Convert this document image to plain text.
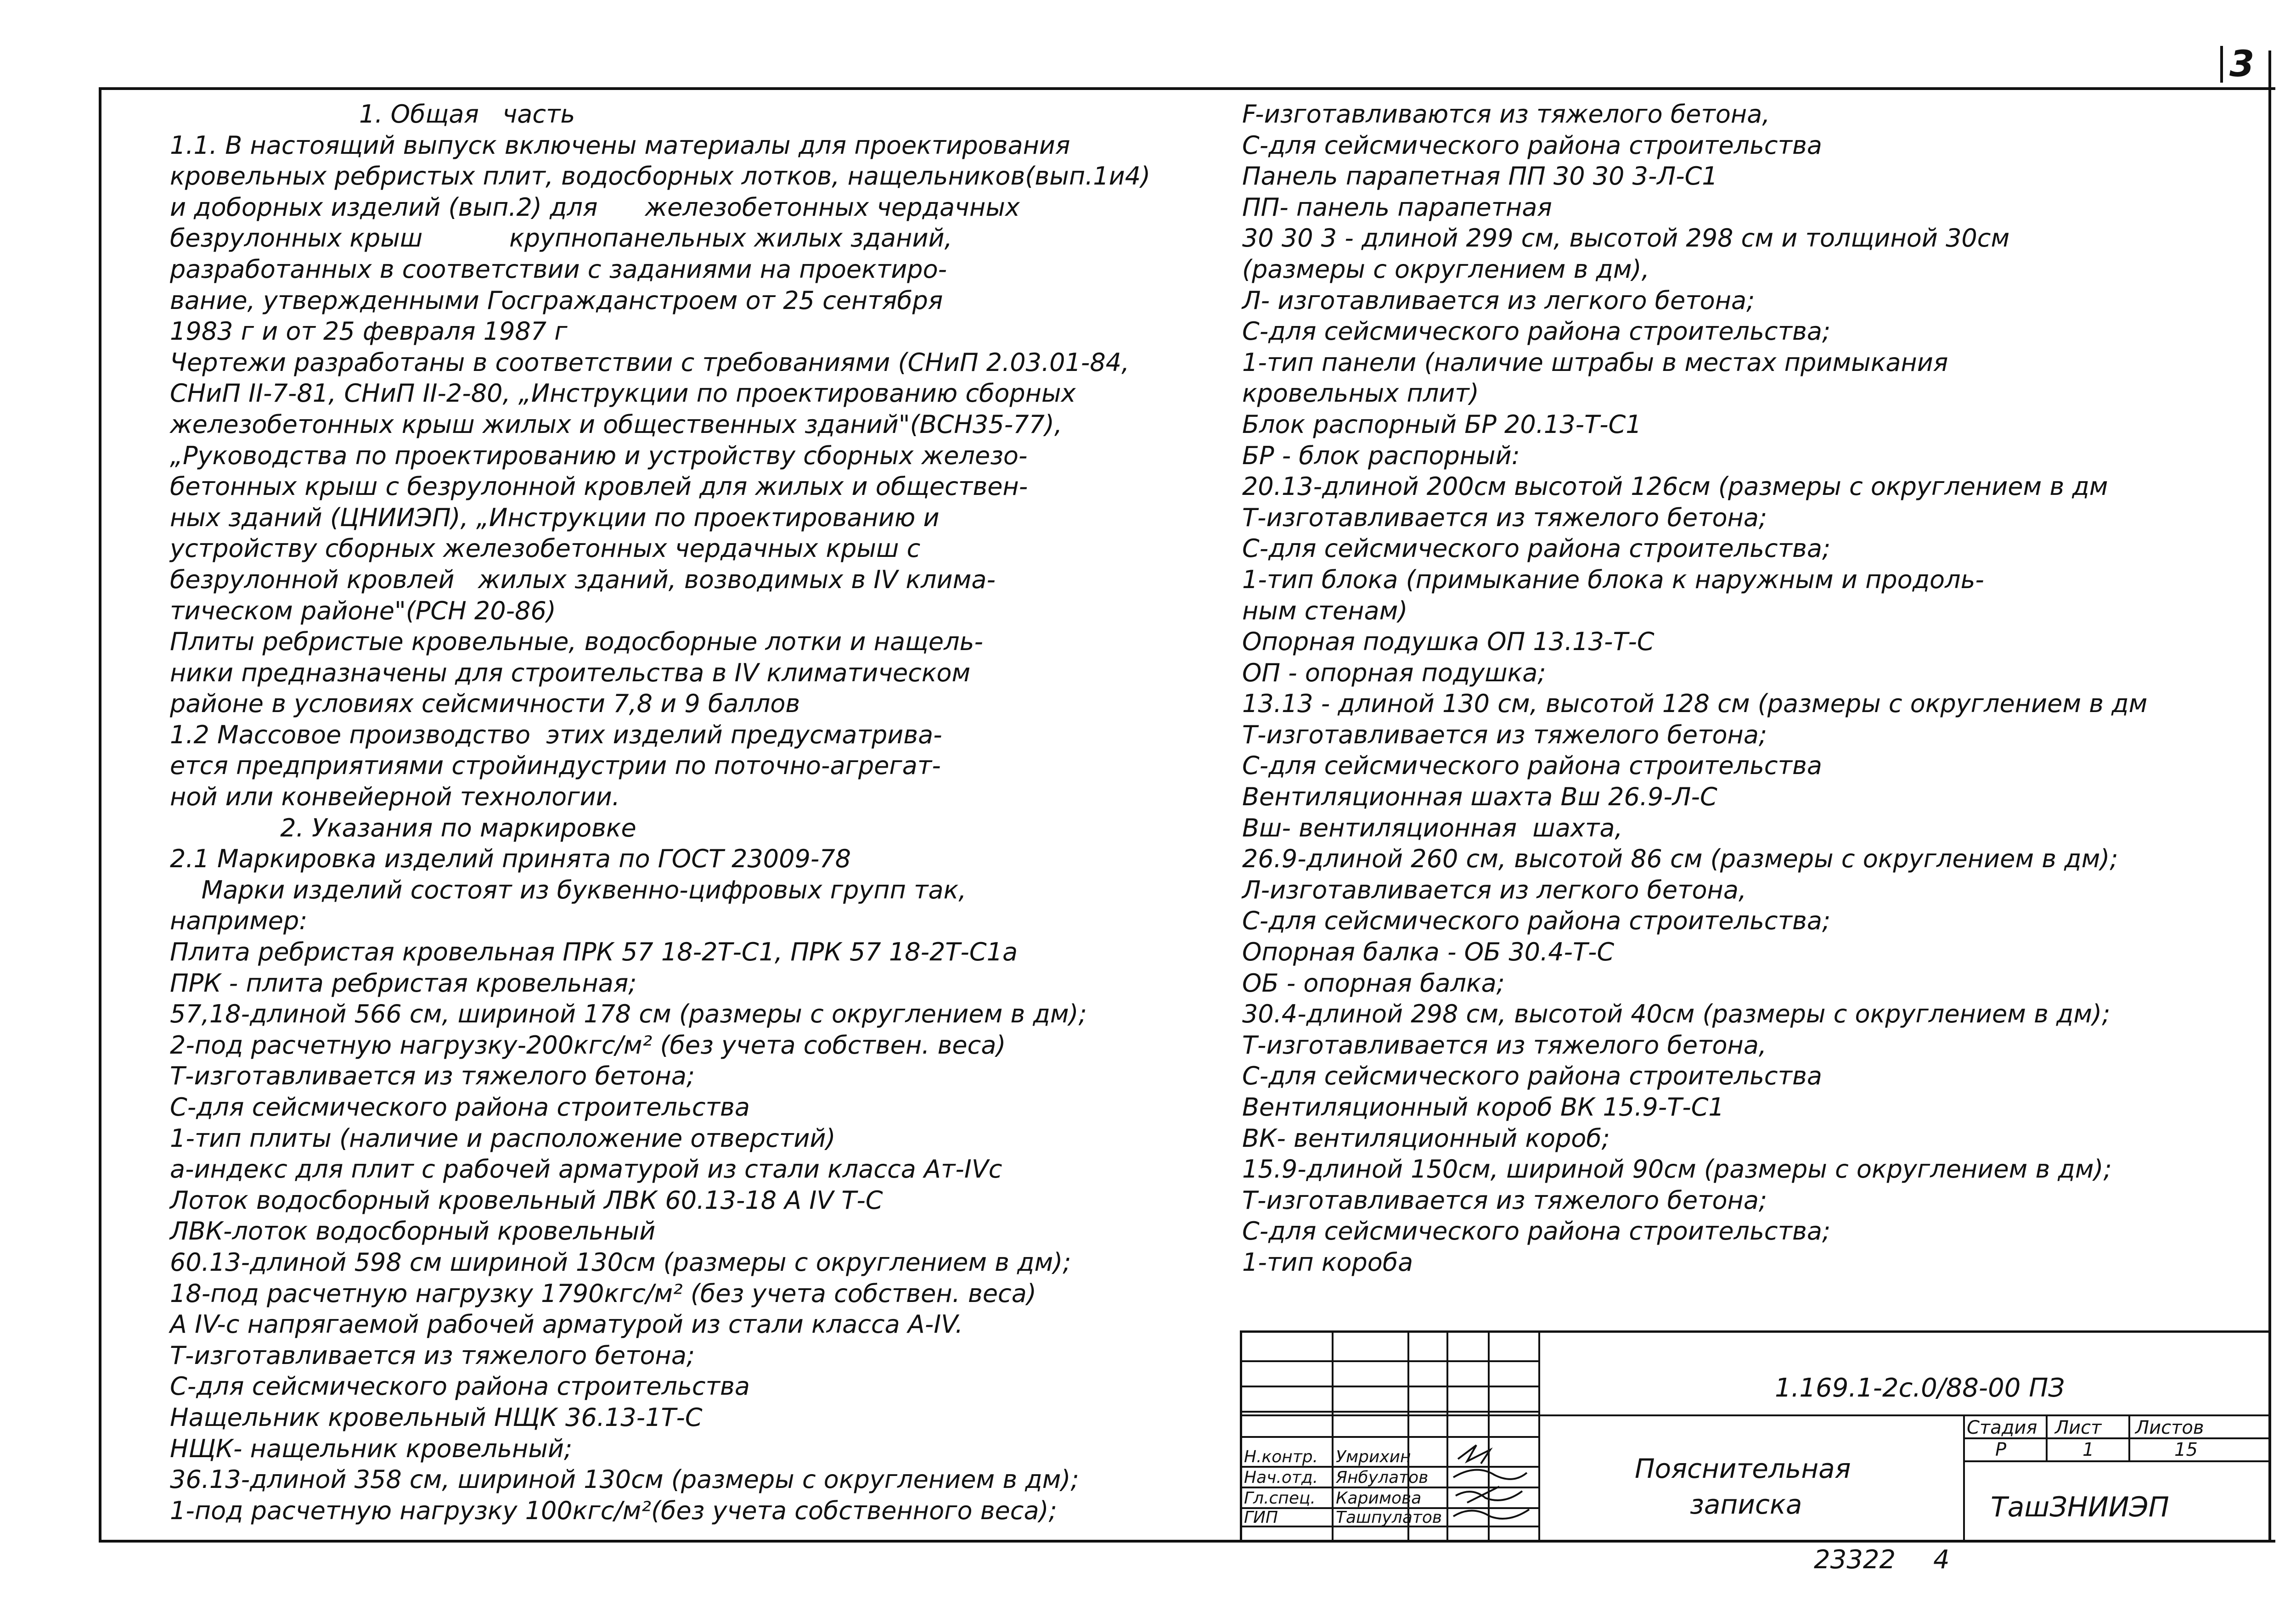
3
1. Общая   часть
1.1. В настоящий выпуск включены материалы для проектирования
кровельных ребристых плит, водосборных лотков, нащельников(вып.1и4)
и доборных изделий (вып.2) для      железобетонных чердачных
безрулонных крыш           крупнопанельных жилых зданий,
разработанных в соответствии с заданиями на проектиро-
вание, утвержденными Госгражданстроем от 25 сентября
1983 г и от 25 февраля 1987 г
Чертежи разработаны в соответствии с требованиями (СНиП 2.03.01-84,
СНиП II-7-81, СНиП II-2-80, „Инструкции по проектированию сборных
железобетонных крыш жилых и общественных зданий"(ВСН35-77),
„Руководства по проектированию и устройству сборных железо-
бетонных крыш с безрулонной кровлей для жилых и обществен-
ных зданий (ЦНИИЭП), „Инструкции по проектированию и
устройству сборных железобетонных чердачных крыш с
безрулонной кровлей   жилых зданий, возводимых в IV клима-
тическом районе"(РСН 20-86)
Плиты ребристые кровельные, водосборные лотки и нащель-
ники предназначены для строительства в IV климатическом
районе в условиях сейсмичности 7,8 и 9 баллов
1.2 Массовое производство  этих изделий предусматрива-
ется предприятиями стройиндустрии по поточно-агрегат-
ной или конвейерной технологии.
2. Указания по маркировке
2.1 Маркировка изделий принята по ГОСТ 23009-78
Марки изделий состоят из буквенно-цифровых групп так,
например:
Плита ребристая кровельная ПРК 57 18-2Т-С1, ПРК 57 18-2Т-С1а
ПРК - плита ребристая кровельная;
57,18-длиной 566 см, шириной 178 см (размеры с округлением в дм);
2-под расчетную нагрузку-200кгс/м² (без учета собствен. веса)
Т-изготавливается из тяжелого бетона;
С-для сейсмического района строительства
1-тип плиты (наличие и расположение отверстий)
а-индекс для плит с рабочей арматурой из стали класса Ат-IVс
Лоток водосборный кровельный ЛВК 60.13-18 А IV Т-С
ЛВК-лоток водосборный кровельный
60.13-длиной 598 см шириной 130см (размеры с округлением в дм);
18-под расчетную нагрузку 1790кгс/м² (без учета собствен. веса)
А IV-с напрягаемой рабочей арматурой из стали класса А-IV.
Т-изготавливается из тяжелого бетона;
С-для сейсмического района строительства
Нащельник кровельный НЩК 36.13-1Т-С
НЩК- нащельник кровельный;
36.13-длиной 358 см, шириной 130см (размеры с округлением в дм);
1-под расчетную нагрузку 100кгс/м²(без учета собственного веса);
F-изготавливаются из тяжелого бетона,
С-для сейсмического района строительства
Панель парапетная ПП 30 30 3-Л-С1
ПП- панель парапетная
30 30 3 - длиной 299 см, высотой 298 см и толщиной 30см
(размеры с округлением в дм),
Л- изготавливается из легкого бетона;
С-для сейсмического района строительства;
1-тип панели (наличие штрабы в местах примыкания
кровельных плит)
Блок распорный БР 20.13-Т-С1
БР - блок распорный:
20.13-длиной 200см высотой 126см (размеры с округлением в дм
Т-изготавливается из тяжелого бетона;
С-для сейсмического района строительства;
1-тип блока (примыкание блока к наружным и продоль-
ным стенам)
Опорная подушка ОП 13.13-Т-С
ОП - опорная подушка;
13.13 - длиной 130 см, высотой 128 см (размеры с округлением в дм
Т-изготавливается из тяжелого бетона;
С-для сейсмического района строительства
Вентиляционная шахта Вш 26.9-Л-С
Вш- вентиляционная  шахта,
26.9-длиной 260 см, высотой 86 см (размеры с округлением в дм);
Л-изготавливается из легкого бетона,
С-для сейсмического района строительства;
Опорная балка - ОБ 30.4-Т-С
ОБ - опорная балка;
30.4-длиной 298 см, высотой 40см (размеры с округлением в дм);
Т-изготавливается из тяжелого бетона,
С-для сейсмического района строительства
Вентиляционный короб ВК 15.9-Т-С1
ВК- вентиляционный короб;
15.9-длиной 150см, шириной 90см (размеры с округлением в дм);
Т-изготавливается из тяжелого бетона;
С-для сейсмического района строительства;
1-тип короба
1.169.1-2с.0/88-00 ПЗ
Пояснительная
записка
Стадия Лист Листов
Р	1	15
ТашЗНИИЭП
Н.контр. Умрихин
Нач.отд. Янбулатов
Гл.спец. Каримова
ГИП	Ташпулатов
23322 4
